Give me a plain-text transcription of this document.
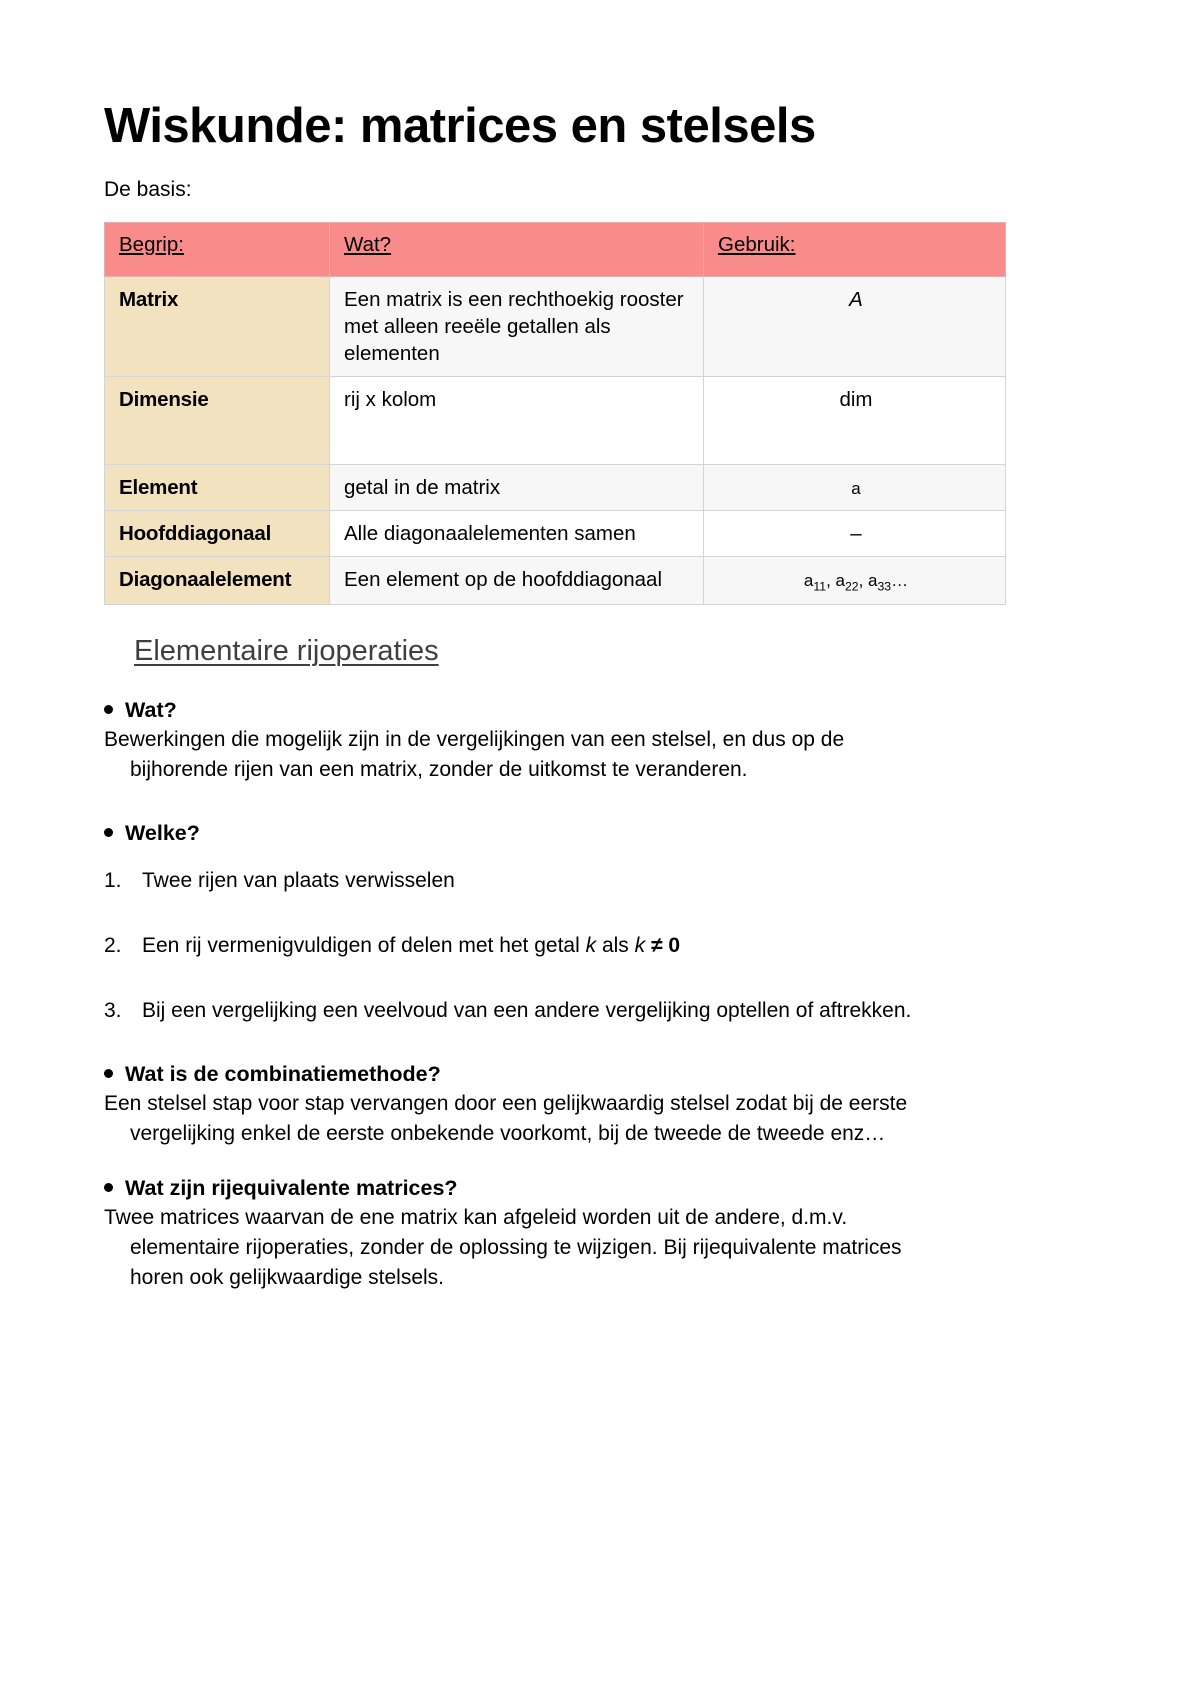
Wiskunde: matrices en stelsels

De basis:

Begrip:	Wat?	Gebruik:
Matrix	Een matrix is een rechthoekig rooster met alleen reeële getallen als elementen	A
Dimensie	rij x kolom	dim
Element	getal in de matrix	a
Hoofddiagonaal	Alle diagonaalelementen samen	–
Diagonaalelement	Een element op de hoofddiagonaal	$a_{11}$, $a_{22}$, $a_{33}\dots$
Elementaire rijoperaties
Wat?

Bewerkingen die mogelijk zijn in de vergelijkingen van een stelsel, en dus op de
bijhorende rijen van een matrix, zonder de uitkomst te veranderen.

Welke?
1. Twee rijen van plaats verwisselen
2. Een rij vermenigvuldigen of delen met het getal k als k ≠ 0
3. Bij een vergelijking een veelvoud van een andere vergelijking optellen of aftrekken.
Wat is de combinatiemethode?

Een stelsel stap voor stap vervangen door een gelijkwaardig stelsel zodat bij de eerste
vergelijking enkel de eerste onbekende voorkomt, bij de tweede de tweede enz…

Wat zijn rijequivalente matrices?

Twee matrices waarvan de ene matrix kan afgeleid worden uit de andere, d.m.v.
elementaire rijoperaties, zonder de oplossing te wijzigen. Bij rijequivalente matrices
horen ook gelijkwaardige stelsels.
